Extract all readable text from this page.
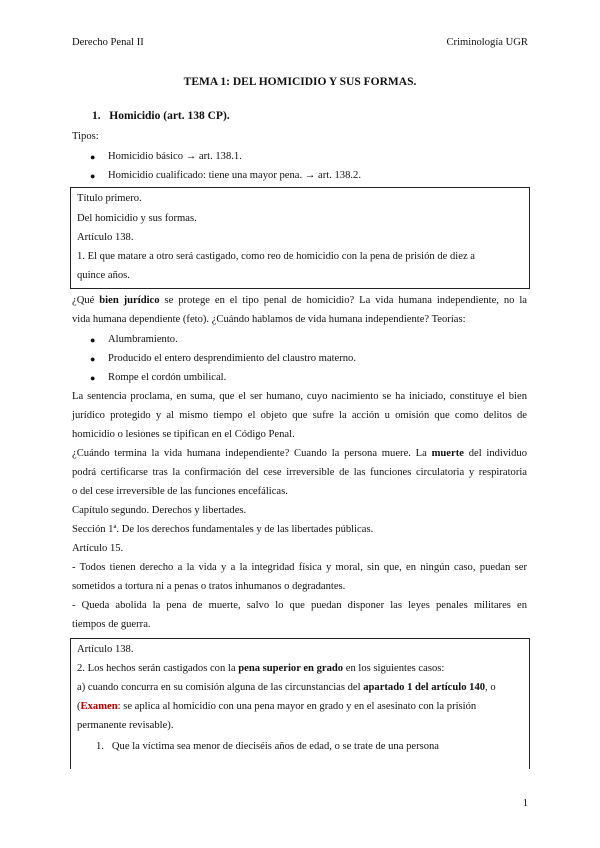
Derecho Penal II	Criminología UGR
TEMA 1: DEL HOMICIDIO Y SUS FORMAS.
1. Homicidio (art. 138 CP).
Tipos:
● Homicidio básico → art. 138.1.
● Homicidio cualificado: tiene una mayor pena. → art. 138.2.
Título primero.
Del homicidio y sus formas.
Artículo 138.
1. El que matare a otro será castigado, como reo de homicidio con la pena de prisión de diez a
quince años.
¿Qué bien jurídico se protege en el tipo penal de homicidio? La vida humana independiente, no la
vida humana dependiente (feto). ¿Cuándo hablamos de vida humana independiente? Teorías:
● Alumbramiento.
● Producido el entero desprendimiento del claustro materno.
● Rompe el cordón umbilical.
La sentencia proclama, en suma, que el ser humano, cuyo nacimiento se ha iniciado, constituye el bien
jurídico protegido y al mismo tiempo el objeto que sufre la acción u omisión que como delitos de
homicidio o lesiones se tipifican en el Código Penal.
¿Cuándo termina la vida humana independiente? Cuando la persona muere. La muerte del individuo
podrá certificarse tras la confirmación del cese irreversible de las funciones circulatoria y respiratoria
o del cese irreversible de las funciones encefálicas.
Capítulo segundo. Derechos y libertades.
Sección 1ª. De los derechos fundamentales y de las libertades públicas.
Artículo 15.
- Todos tienen derecho a la vida y a la integridad física y moral, sin que, en ningún caso, puedan ser
sometidos a tortura ni a penas o tratos inhumanos o degradantes.
- Queda abolida la pena de muerte, salvo lo que puedan disponer las leyes penales militares en
tiempos de guerra.
Artículo 138.
2. Los hechos serán castigados con la pena superior en grado en los siguientes casos:
a) cuando concurra en su comisión alguna de las circunstancias del apartado 1 del artículo 140, o
(Examen: se aplica al homicidio con una pena mayor en grado y en el asesinato con la prisión
permanente revisable).
1. Que la víctima sea menor de dieciséis años de edad, o se trate de una persona
1
